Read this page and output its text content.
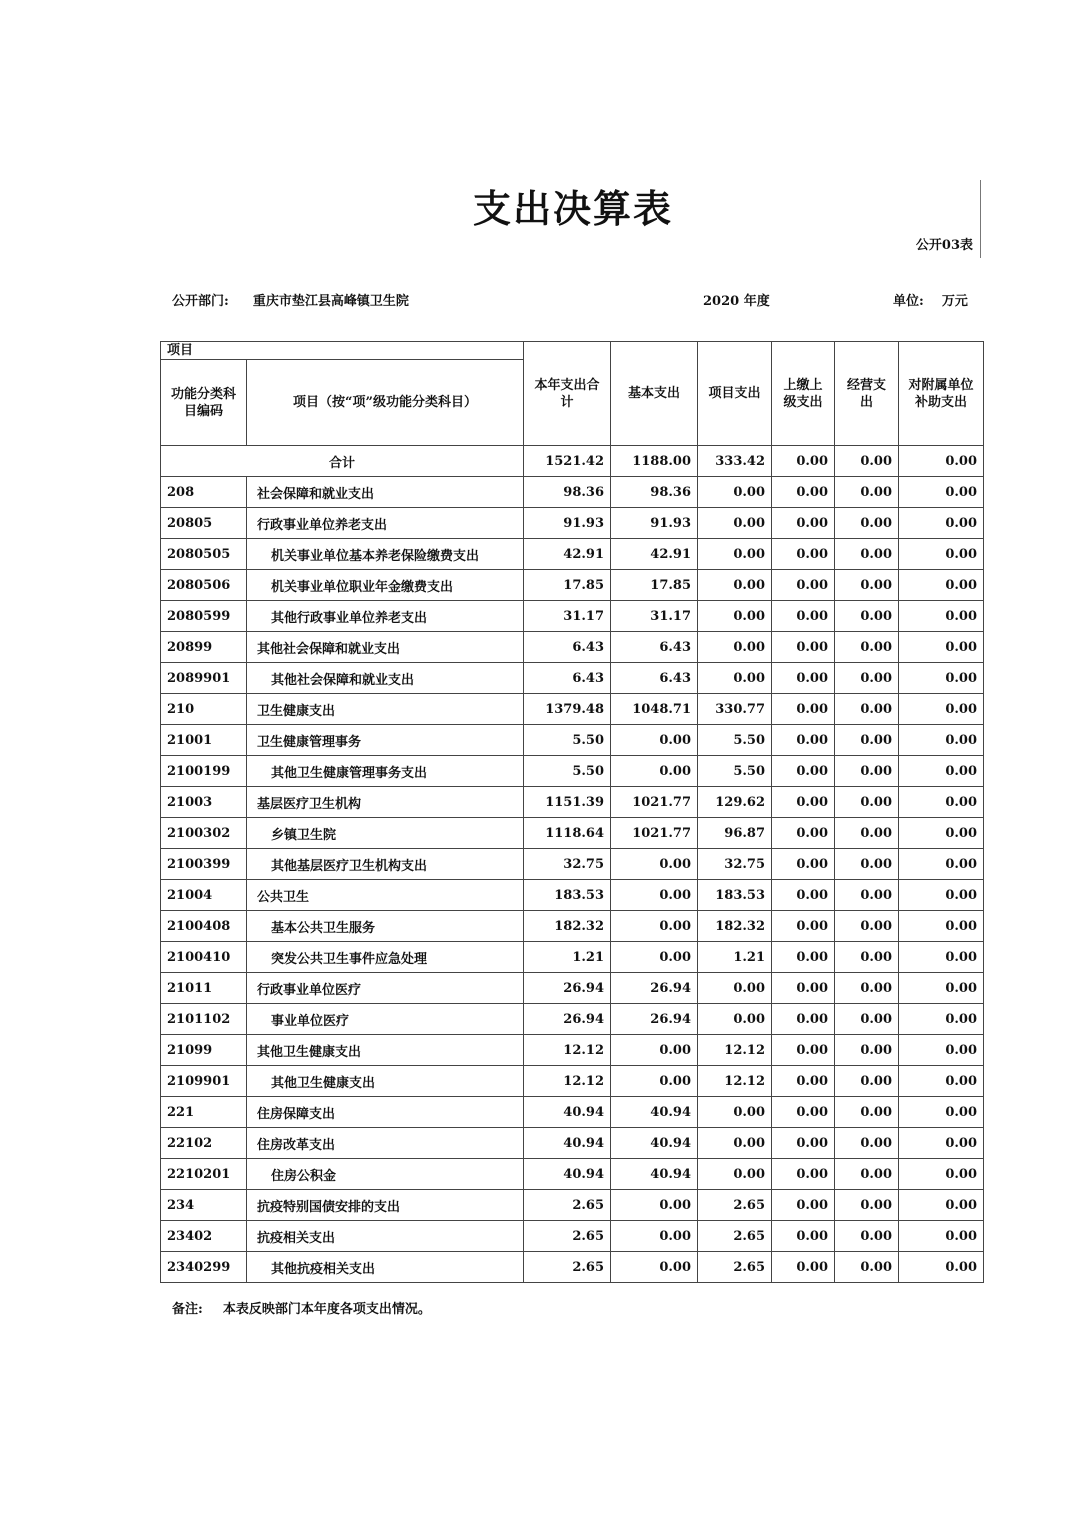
支出决算表
公开03表
公开部门: 重庆市垫江县高峰镇卫生院	2020 年度	单位: 万元
项目		本年支出合计	基本支出	项目支出	上缴上级支出	经营支出	对附属单位补助支出
功能分类科目编码	项目（按“项”级功能分类科目）						
合计		1521.42	1188.00	333.42	0.00	0.00	0.00
208	社会保障和就业支出	98.36	98.36	0.00	0.00	0.00	0.00
20805	行政事业单位养老支出	91.93	91.93	0.00	0.00	0.00	0.00
2080505	机关事业单位基本养老保险缴费支出	42.91	42.91	0.00	0.00	0.00	0.00
2080506	机关事业单位职业年金缴费支出	17.85	17.85	0.00	0.00	0.00	0.00
2080599	其他行政事业单位养老支出	31.17	31.17	0.00	0.00	0.00	0.00
20899	其他社会保障和就业支出	6.43	6.43	0.00	0.00	0.00	0.00
2089901	其他社会保障和就业支出	6.43	6.43	0.00	0.00	0.00	0.00
210	卫生健康支出	1379.48	1048.71	330.77	0.00	0.00	0.00
21001	卫生健康管理事务	5.50	0.00	5.50	0.00	0.00	0.00
2100199	其他卫生健康管理事务支出	5.50	0.00	5.50	0.00	0.00	0.00
21003	基层医疗卫生机构	1151.39	1021.77	129.62	0.00	0.00	0.00
2100302	乡镇卫生院	1118.64	1021.77	96.87	0.00	0.00	0.00
2100399	其他基层医疗卫生机构支出	32.75	0.00	32.75	0.00	0.00	0.00
21004	公共卫生	183.53	0.00	183.53	0.00	0.00	0.00
2100408	基本公共卫生服务	182.32	0.00	182.32	0.00	0.00	0.00
2100410	突发公共卫生事件应急处理	1.21	0.00	1.21	0.00	0.00	0.00
21011	行政事业单位医疗	26.94	26.94	0.00	0.00	0.00	0.00
2101102	事业单位医疗	26.94	26.94	0.00	0.00	0.00	0.00
21099	其他卫生健康支出	12.12	0.00	12.12	0.00	0.00	0.00
2109901	其他卫生健康支出	12.12	0.00	12.12	0.00	0.00	0.00
221	住房保障支出	40.94	40.94	0.00	0.00	0.00	0.00
22102	住房改革支出	40.94	40.94	0.00	0.00	0.00	0.00
2210201	住房公积金	40.94	40.94	0.00	0.00	0.00	0.00
234	抗疫特别国债安排的支出	2.65	0.00	2.65	0.00	0.00	0.00
23402	抗疫相关支出	2.65	0.00	2.65	0.00	0.00	0.00
2340299	其他抗疫相关支出	2.65	0.00	2.65	0.00	0.00	0.00
备注: 本表反映部门本年度各项支出情况。
